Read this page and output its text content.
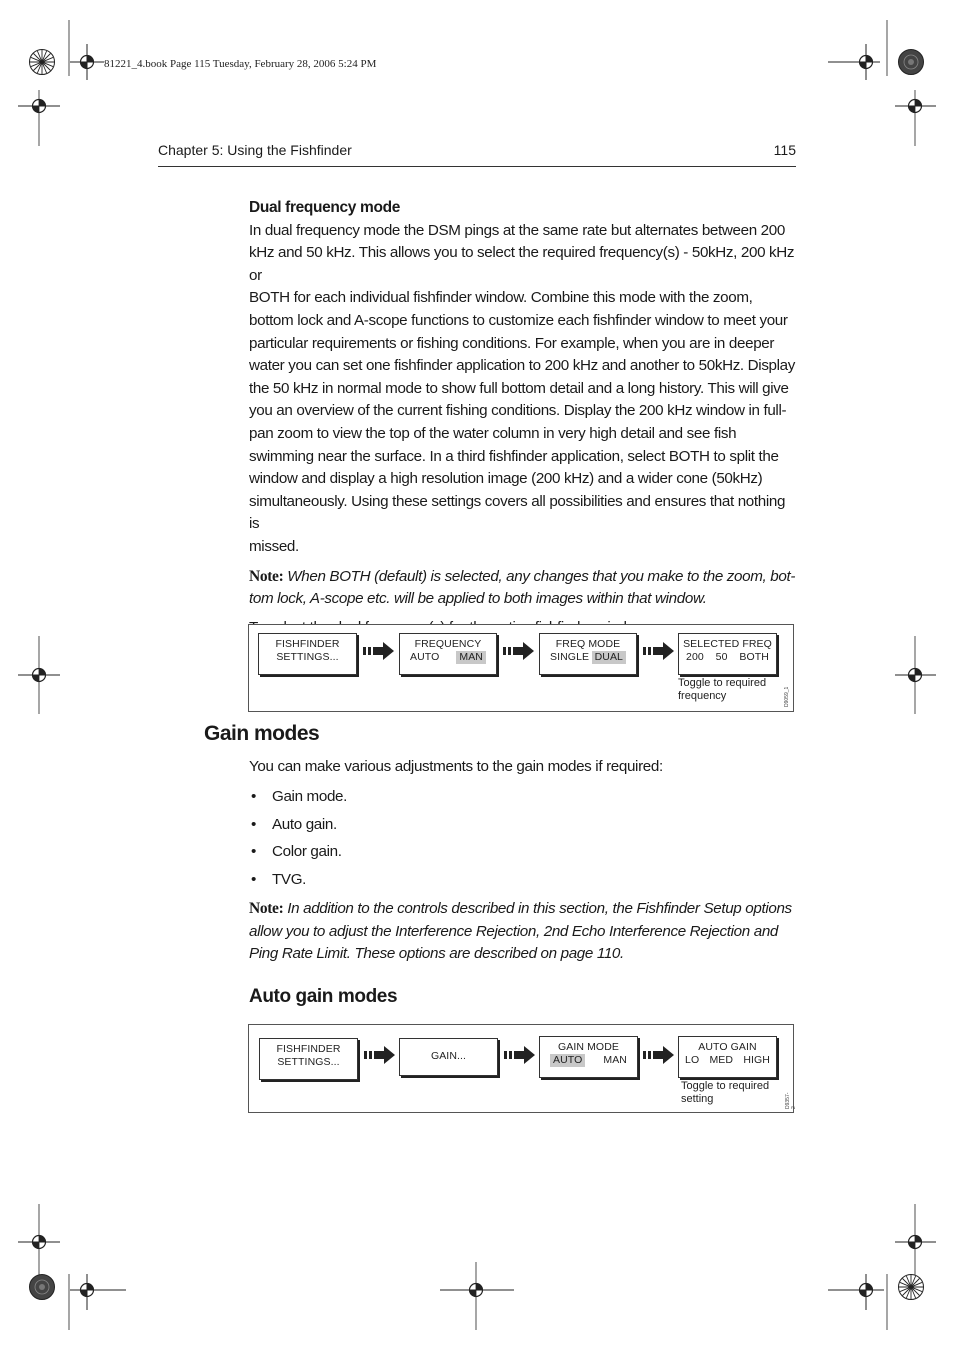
81221_4.book Page 115 Tuesday, February 28, 2006 5:24 PM
Chapter 5: Using the Fishfinder	115
Dual frequency mode
In dual frequency mode the DSM pings at the same rate but alternates between 200
kHz and 50 kHz. This allows you to select the required frequency(s) - 50kHz, 200 kHz or
BOTH for each individual fishfinder window. Combine this mode with the zoom,
bottom lock and A-scope functions to customize each fishfinder window to meet your
particular requirements or fishing conditions. For example, when you are in deeper
water you can set one fishfinder application to 200 kHz and another to 50kHz. Display
the 50 kHz in normal mode to show full bottom detail and a long history. This will give
you an overview of the current fishing conditions. Display the 200 kHz window in full-
pan zoom to view the top of the water column in very high detail and see fish
swimming near the surface. In a third fishfinder application, select BOTH to split the
window and display a high resolution image (200 kHz) and a wider cone (50kHz)
simultaneously. Using these settings covers all possibilities and ensures that nothing is
missed.
Note: When BOTH (default) is selected, any changes that you make to the zoom, bot-
tom lock, A-scope etc. will be applied to both images within that window.
FISHFINDER
SETTINGS...
FREQUENCY
AUTO MAN
FREQ MODE
SINGLE DUAL
SELECTED FREQ
200 50 BOTH
Toggle to required
frequency	D9059_1
Gain modes
You can make various adjustments to the gain modes if required:
• Gain mode.
• Auto gain.
• Color gain.
• TVG.
Note: In addition to the controls described in this section, the Fishfinder Setup options
allow you to adjust the Interference Rejection, 2nd Echo Interference Rejection and
Ping Rate Limit. These options are described on page 110.
Auto gain modes
FISHFINDER
SETTINGS...	GAIN...
GAIN MODE
AUTO MAN
AUTO GAIN
LO MED HIGH
Toggle to required
setting	D9357-2
